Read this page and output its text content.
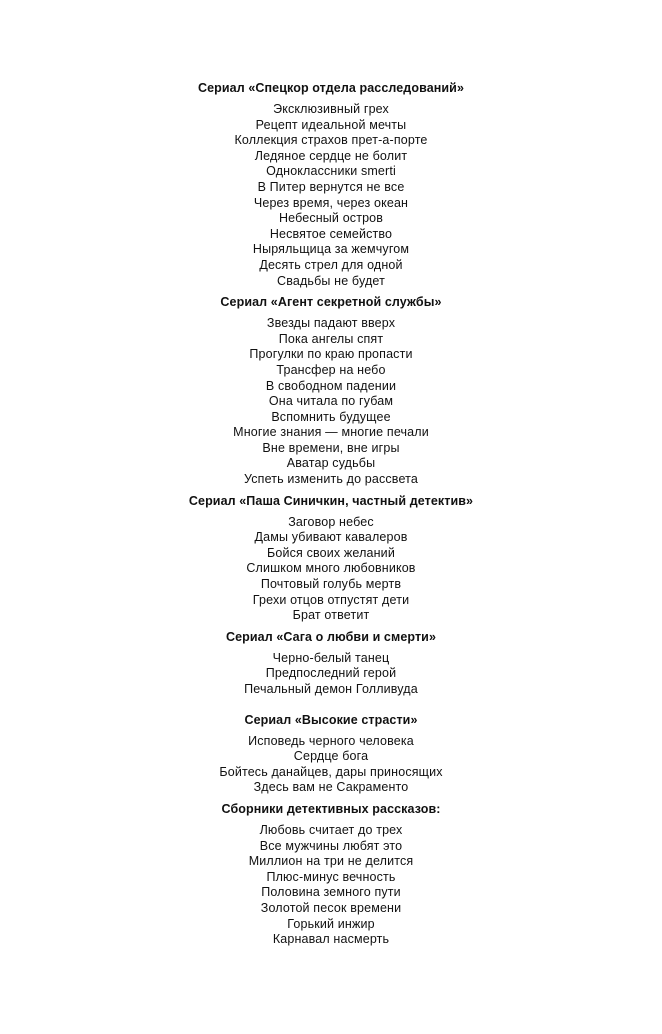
Сериал «Спецкор отдела расследований»
Эксклюзивный грех
Рецепт идеальной мечты
Коллекция страхов прет-а-порте
Ледяное сердце не болит
Одноклассники smerti
В Питер вернутся не все
Через время, через океан
Небесный остров
Несвятое семейство
Ныряльщица за жемчугом
Десять стрел для одной
Свадьбы не будет
Сериал «Агент секретной службы»
Звезды падают вверх
Пока ангелы спят
Прогулки по краю пропасти
Трансфер на небо
В свободном падении
Она читала по губам
Вспомнить будущее
Многие знания — многие печали
Вне времени, вне игры
Аватар судьбы
Успеть изменить до рассвета
Сериал «Паша Синичкин, частный детектив»
Заговор небес
Дамы убивают кавалеров
Бойся своих желаний
Слишком много любовников
Почтовый голубь мертв
Грехи отцов отпустят дети
Брат ответит
Сериал «Сага о любви и смерти»
Черно-белый танец
Предпоследний герой
Печальный демон Голливуда
Сериал «Высокие страсти»
Исповедь черного человека
Сердце бога
Бойтесь данайцев, дары приносящих
Здесь вам не Сакраменто
Сборники детективных рассказов:
Любовь считает до трех
Все мужчины любят это
Миллион на три не делится
Плюс-минус вечность
Половина земного пути
Золотой песок времени
Горький инжир
Карнавал насмерть
